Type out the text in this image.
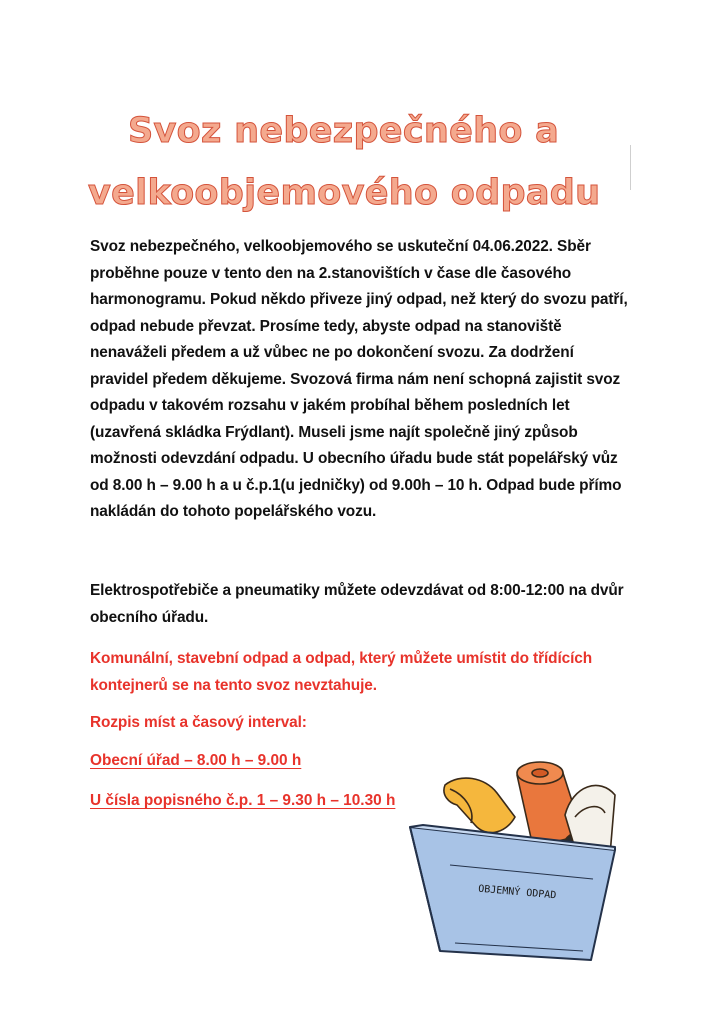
Svoz nebezpečného a
velkoobjemového odpadu

Svoz nebezpečného, velkoobjemového se uskuteční 04.06.2022. Sběr proběhne pouze v tento den na 2.stanovištích v čase dle časového harmonogramu. Pokud někdo přiveze jiný odpad, než který do svozu patří, odpad nebude převzat. Prosíme tedy, abyste odpad na stanoviště nenaváželi předem a už vůbec ne po dokončení svozu. Za dodržení pravidel předem děkujeme. Svozová firma nám není schopná zajistit svoz odpadu v takovém rozsahu v jakém probíhal během posledních let (uzavřená skládka Frýdlant). Museli jsme najít společně jiný způsob možnosti odevzdání odpadu. U obecního úřadu bude stát popelářský vůz od 8.00 h – 9.00 h a u č.p.1(u jedničky) od 9.00h – 10 h. Odpad bude přímo nakládán do tohoto popelářského vozu.

Elektrospotřebiče a pneumatiky můžete odevzdávat od 8:00-12:00 na dvůr obecního úřadu.

Komunální, stavební odpad a odpad, který můžete umístit do třídících kontejnerů se na tento svoz nevztahuje.

Rozpis míst a časový interval:

Obecní úřad – 8.00 h – 9.00 h

U čísla popisného č.p. 1 – 9.30 h – 10.30 h

OBJEMNÝ ODPAD
